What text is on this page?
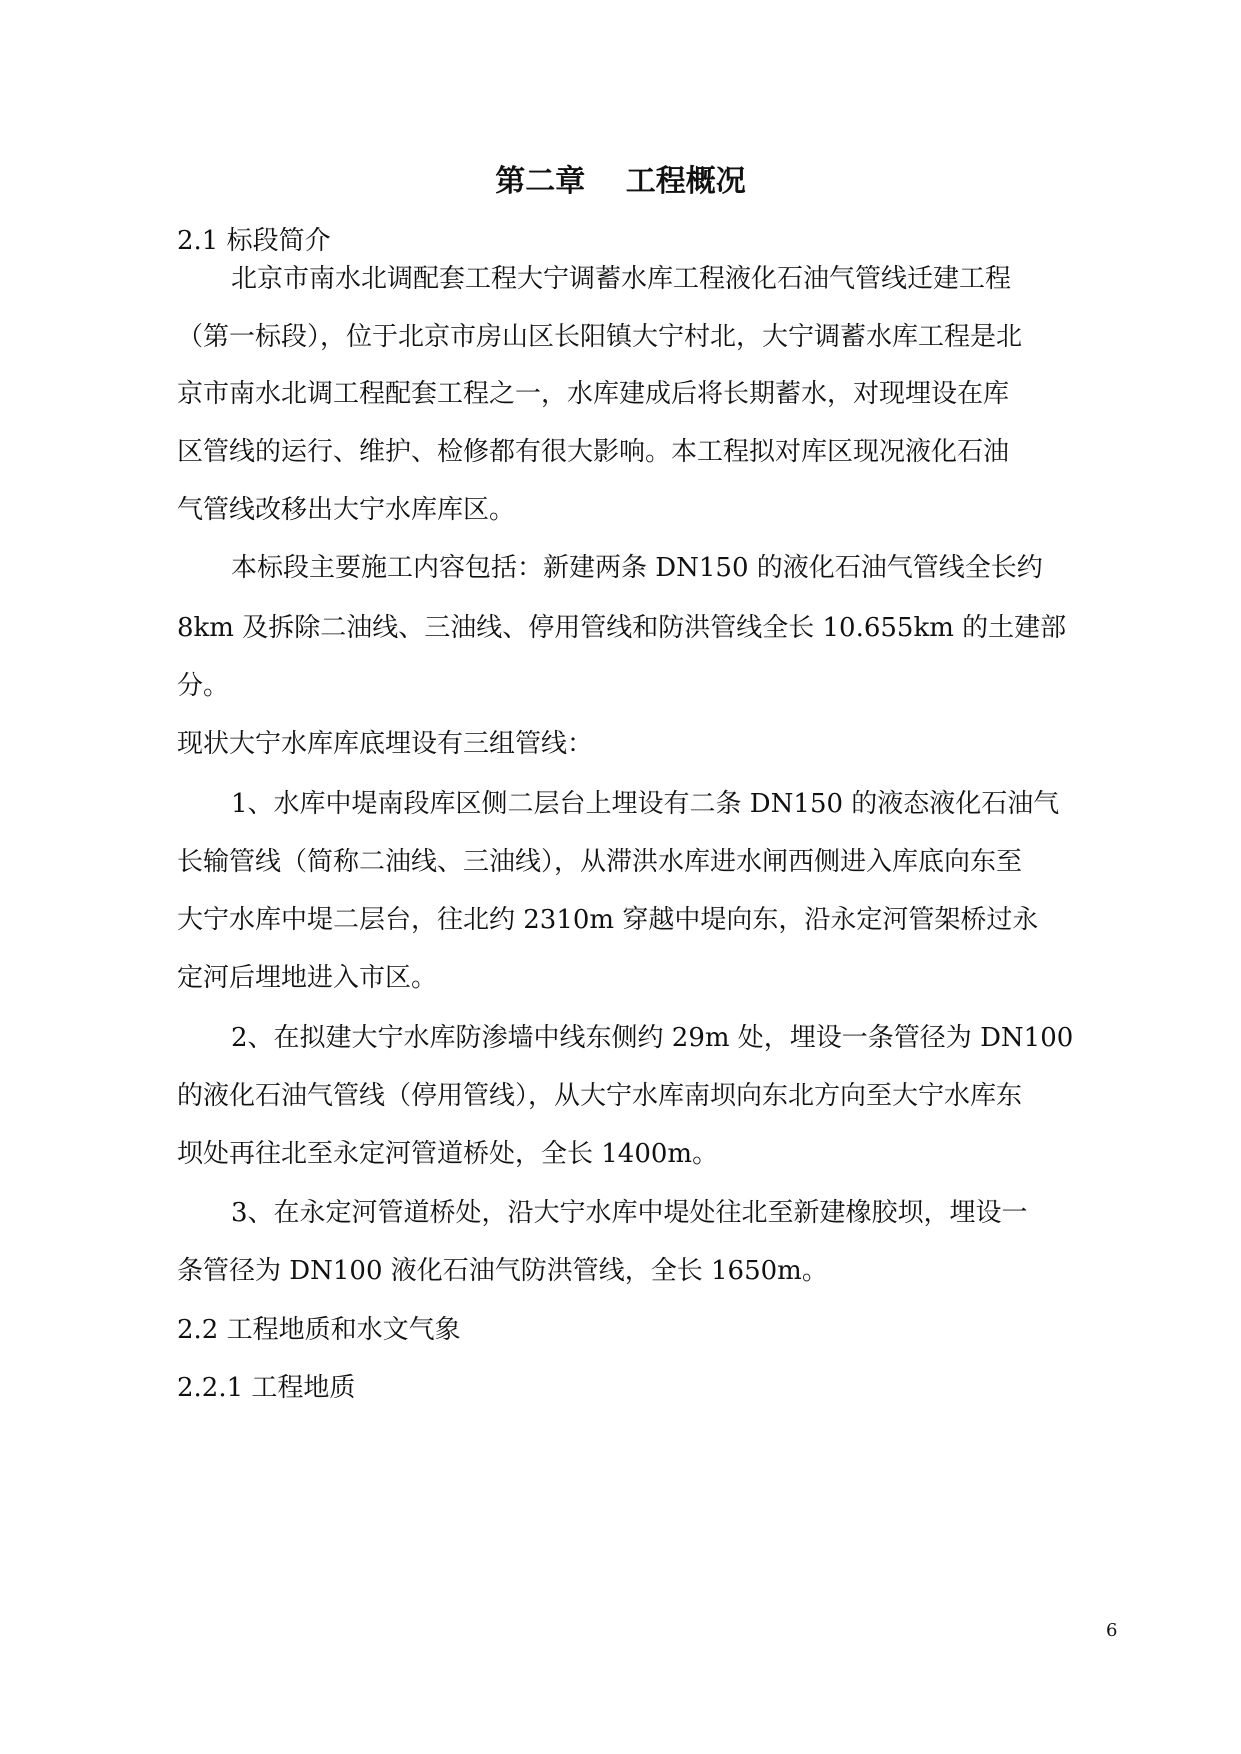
第二章　 工程概况
2.1 标段简介
北京市南水北调配套工程大宁调蓄水库工程液化石油气管线迁建工程
（第一标段），位于北京市房山区长阳镇大宁村北，大宁调蓄水库工程是北
京市南水北调工程配套工程之一，水库建成后将长期蓄水，对现埋设在库
区管线的运行、维护、检修都有很大影响。本工程拟对库区现况液化石油
气管线改移出大宁水库库区。
本标段主要施工内容包括：新建两条 DN150 的液化石油气管线全长约
8km 及拆除二油线、三油线、停用管线和防洪管线全长 10.655km 的土建部
分。
现状大宁水库库底埋设有三组管线：
1、水库中堤南段库区侧二层台上埋设有二条 DN150 的液态液化石油气
长输管线（简称二油线、三油线），从滞洪水库进水闸西侧进入库底向东至
大宁水库中堤二层台，往北约 2310m 穿越中堤向东，沿永定河管架桥过永
定河后埋地进入市区。
2、在拟建大宁水库防渗墙中线东侧约 29m 处，埋设一条管径为 DN100
的液化石油气管线（停用管线），从大宁水库南坝向东北方向至大宁水库东
坝处再往北至永定河管道桥处，全长 1400m。
3、在永定河管道桥处，沿大宁水库中堤处往北至新建橡胶坝，埋设一
条管径为 DN100 液化石油气防洪管线，全长 1650m。
2.2 工程地质和水文气象
2.2.1 工程地质
6
